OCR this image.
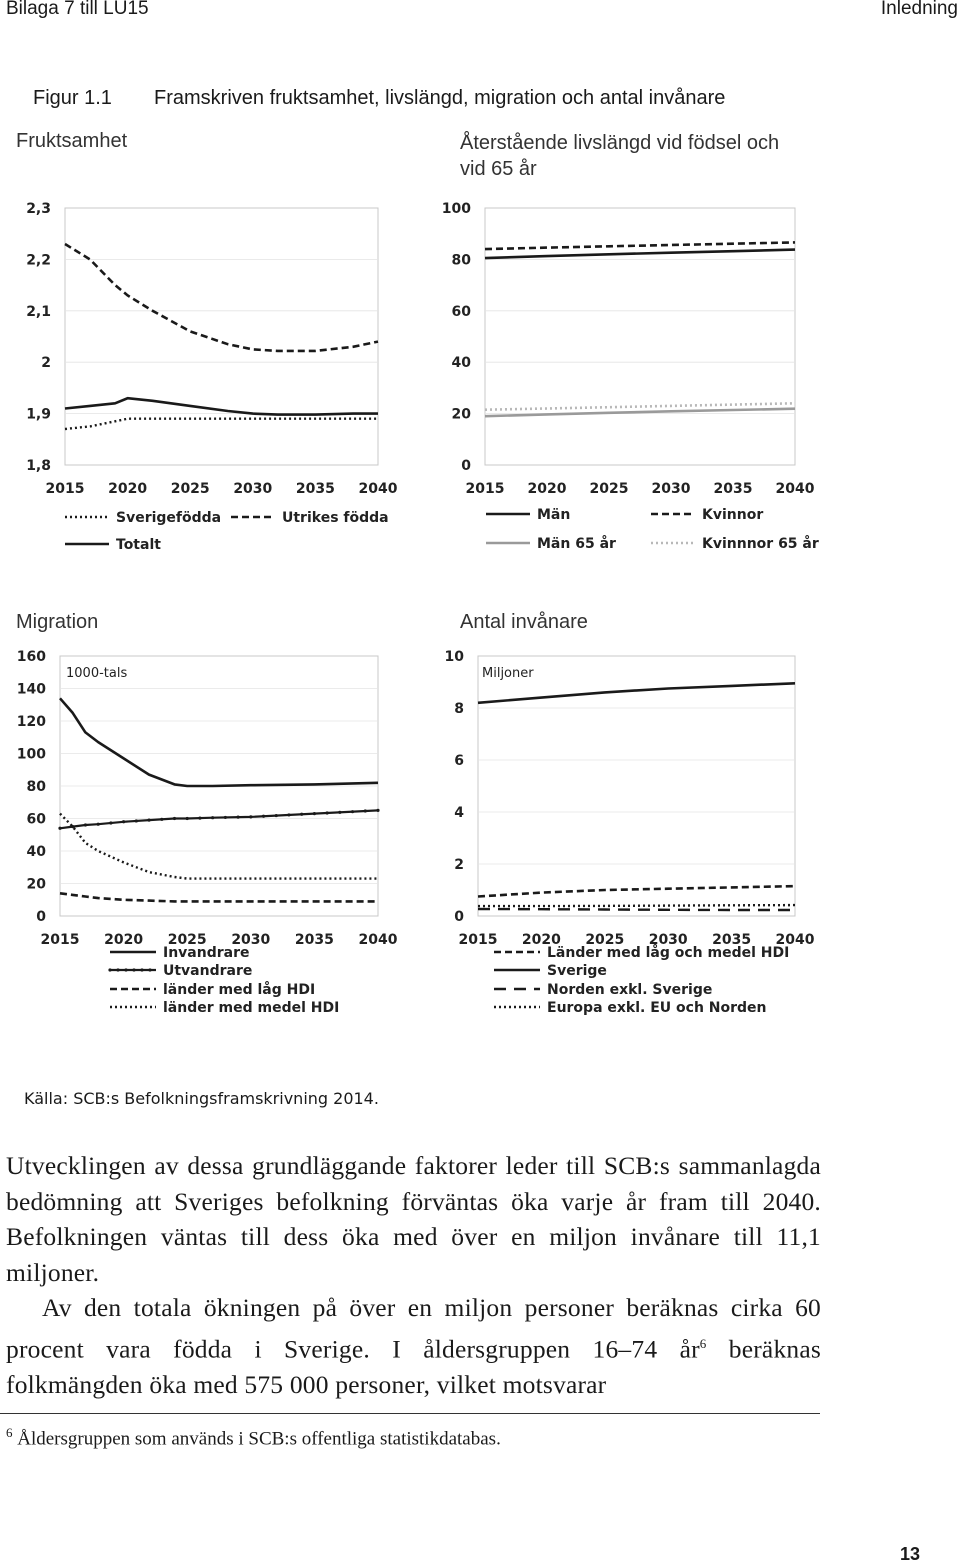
Bilaga 7 till LU15	Inledning
Figur 1.1 Framskriven fruktsamhet, livslängd, migration och antal invånare
Fruktsamhet	Återstående livslängd vid födsel och vid 65 år
Migration	Antal invånare
1,8
1,9
2
2,1
2,2
2,3
2015 2020 2025 2030 2035 2040
Sverigefödda	Utrikes födda
Totalt
0
20
40
60
80
100
2015 2020 2025 2030 2035 2040
Män	Kvinnor
Män 65 år	Kvinnnor 65 år
0
20
40
60
80
100
120
140
160
2015 2020 2025 2030 2035 2040
1000-tals
Invandrare
Utvandrare
länder med låg HDI
länder med medel HDI
0
2
4
6
8
10
2015 2020 2025 2030 2035 2040
Miljoner
Länder med låg och medel HDI
Sverige
Norden exkl. Sverige
Europa exkl. EU och Norden
Källa: SCB:s Befolkningsframskrivning 2014.

Utvecklingen av dessa grundläggande faktorer leder till SCB:s sammanlagda bedömning att Sveriges befolkning förväntas öka varje år fram till 2040. Befolkningen väntas till dess öka med över en miljon invånare till 11,1 miljoner.

Av den totala ökningen på över en miljon personer beräknas cirka 60 procent vara födda i Sverige. I åldersgruppen 16–74 $år^6$ beräknas folkmängden öka med 575 000 personer, vilket motsvarar

$^6$ Åldersgruppen som används i SCB:s offentliga statistikdatabas.
13
